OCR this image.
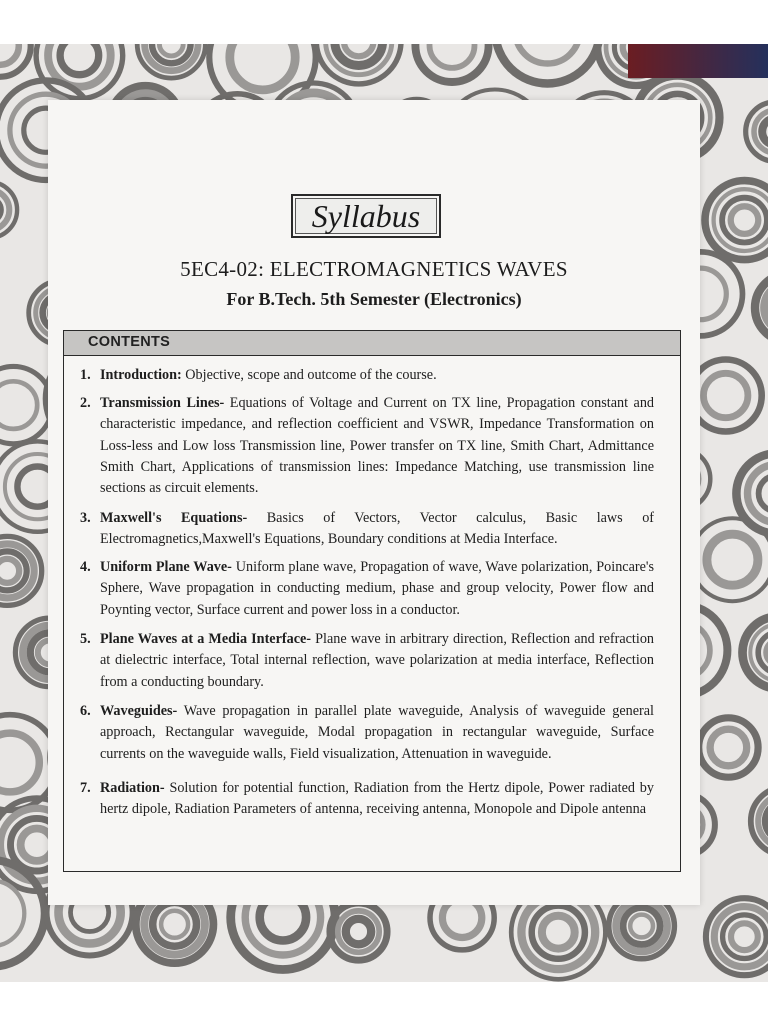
Syllabus
5EC4-02: ELECTROMAGNETICS WAVES
For B.Tech. 5th Semester (Electronics)
CONTENTS
1. Introduction: Objective, scope and outcome of the course.
2. Transmission Lines- Equations of Voltage and Current on TX line, Propagation constant and characteristic impedance, and reflection coefficient and VSWR, Impedance Transformation on Loss-less and Low loss Transmission line, Power transfer on TX line, Smith Chart, Admittance Smith Chart, Applications of transmission lines: Impedance Matching, use transmission line sections as circuit elements.
3. Maxwell's Equations- Basics of Vectors, Vector calculus, Basic laws of Electromagnetics,Maxwell's Equations, Boundary conditions at Media Interface.
4. Uniform Plane Wave- Uniform plane wave, Propagation of wave, Wave polarization, Poincare's Sphere, Wave propagation in conducting medium, phase and group velocity, Power flow and Poynting vector, Surface current and power loss in a conductor.
5. Plane Waves at a Media Interface- Plane wave in arbitrary direction, Reflection and refraction at dielectric interface, Total internal reflection, wave polarization at media interface, Reflection from a conducting boundary.
6. Waveguides- Wave propagation in parallel plate waveguide, Analysis of waveguide general approach, Rectangular waveguide, Modal propagation in rectangular waveguide, Surface currents on the waveguide walls, Field visualization, Attenuation in waveguide.
7. Radiation- Solution for potential function, Radiation from the Hertz dipole, Power radiated by hertz dipole, Radiation Parameters of antenna, receiving antenna, Monopole and Dipole antenna
